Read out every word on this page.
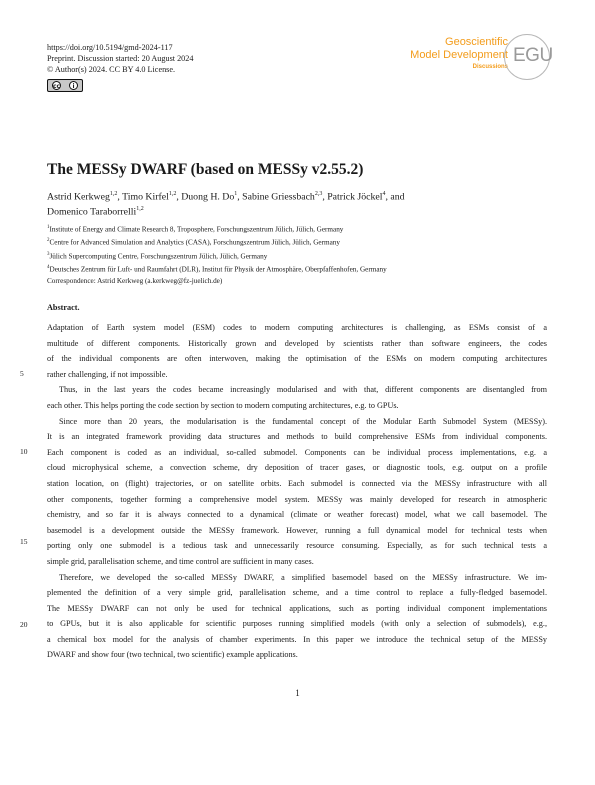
https://doi.org/10.5194/gmd-2024-117
Preprint. Discussion started: 20 August 2024
© Author(s) 2024. CC BY 4.0 License.
cc	i
Geoscientific
Model Development
Discussions
EGU
The MESSy DWARF (based on MESSy v2.55.2)
Astrid Kerkweg$^{1,2}$, Timo Kirfel$^{1,2}$, Duong H. Do$^1$, Sabine Griessbach$^{2,3}$, Patrick Jöckel$^4$, and
Domenico Taraborrelli$^{1,2}$
$^1$Institute of Energy and Climate Research 8, Troposphere, Forschungszentrum Jülich, Jülich, Germany
$^2$Centre for Advanced Simulation and Analytics (CASA), Forschungszentrum Jülich, Jülich, Germany
$^3$Jülich Supercomputing Centre, Forschungszentrum Jülich, Jülich, Germany
$^4$Deutsches Zentrum für Luft- und Raumfahrt (DLR), Institut für Physik der Atmosphäre, Oberpfaffenhofen, Germany
Correspondence: Astrid Kerkweg (a.kerkweg@fz-juelich.de)
Abstract.
Adaptation of Earth system model (ESM) codes to modern computing architectures is challenging, as ESMs consist of a
multitude of different components. Historically grown and developed by scientists rather than software engineers, the codes
of the individual components are often interwoven, making the optimisation of the ESMs on modern computing architectures
rather challenging, if not impossible.
Thus, in the last years the codes became increasingly modularised and with that, different components are disentangled from
each other. This helps porting the code section by section to modern computing architectures, e.g. to GPUs.
Since more than 20 years, the modularisation is the fundamental concept of the Modular Earth Submodel System (MESSy).
It is an integrated framework providing data structures and methods to build comprehensive ESMs from individual components.
Each component is coded as an individual, so-called submodel. Components can be individual process implementations, e.g. a
cloud microphysical scheme, a convection scheme, dry deposition of tracer gases, or diagnostic tools, e.g. output on a profile
station location, on (flight) trajectories, or on satellite orbits. Each submodel is connected via the MESSy infrastructure with all
other components, together forming a comprehensive model system. MESSy was mainly developed for research in atmospheric
chemistry, and so far it is always connected to a dynamical (climate or weather forecast) model, what we call basemodel. The
basemodel is a development outside the MESSy framework. However, running a full dynamical model for technical tests when
porting only one submodel is a tedious task and unnecessarily resource consuming. Especially, as for such technical tests a
simple grid, parallelisation scheme, and time control are sufficient in many cases.
Therefore, we developed the so-called MESSy DWARF, a simplified basemodel based on the MESSy infrastructure. We im-
plemented the definition of a very simple grid, parallelisation scheme, and a time control to replace a fully-fledged basemodel.
The MESSy DWARF can not only be used for technical applications, such as porting individual component implementations
to GPUs, but it is also applicable for scientific purposes running simplified models (with only a selection of submodels), e.g.,
a chemical box model for the analysis of chamber experiments. In this paper we introduce the technical setup of the MESSy
DWARF and show four (two technical, two scientific) example applications.
5
10
15
20
1
